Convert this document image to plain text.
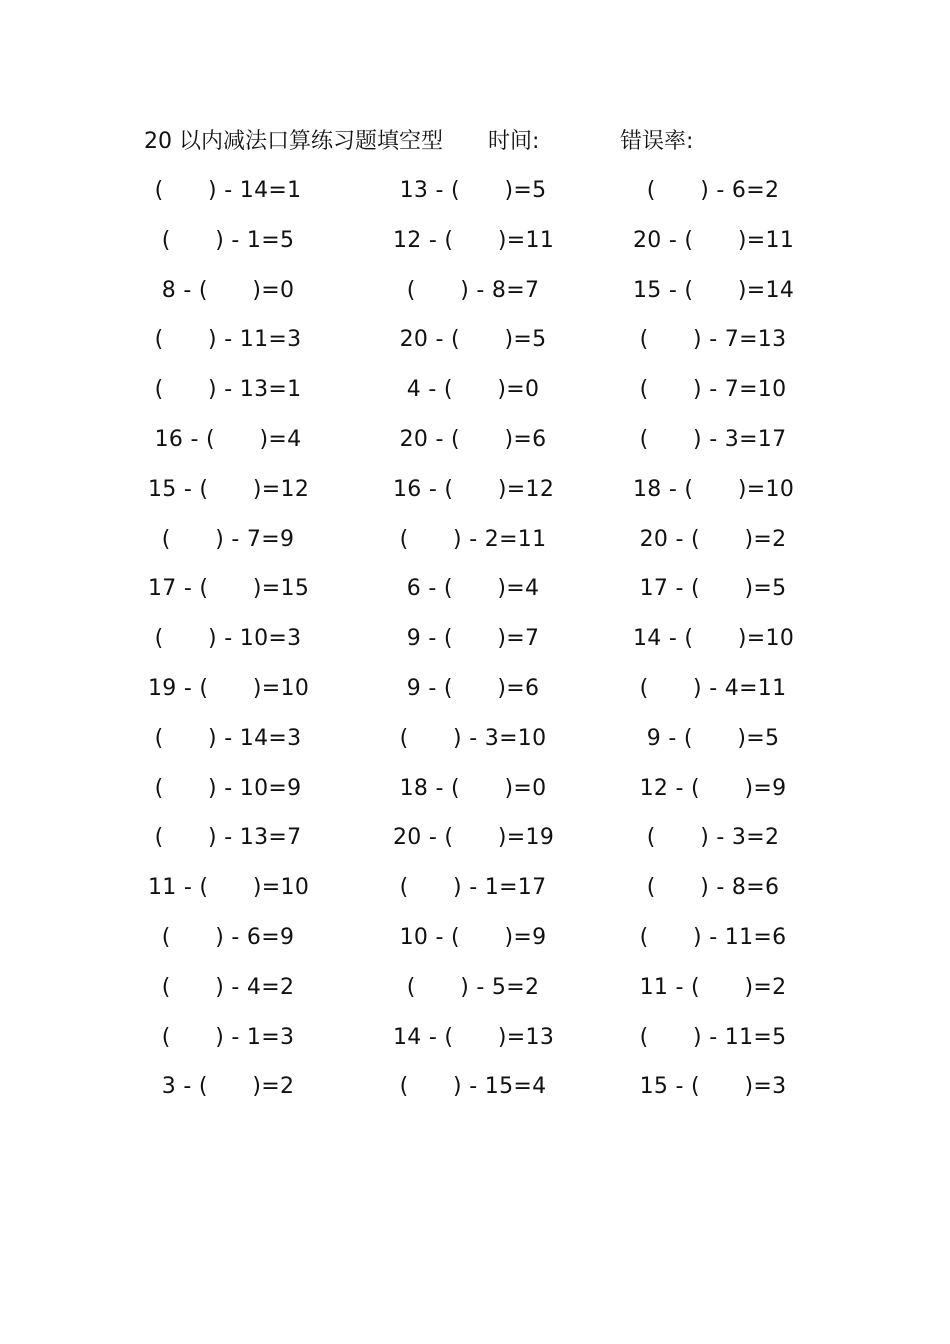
20 以内减法口算练习题填空型 时间:	错误率:
(  ) - 14=1	13 - (  )=5	(  ) - 6=2
(  ) - 1=5	12 - (  )=11	20 - (  )=11
8 - (  )=0	(  ) - 8=7	15 - (  )=14
(  ) - 11=3	20 - (  )=5	(  ) - 7=13
(  ) - 13=1	4 - (  )=0	(  ) - 7=10
16 - (  )=4	20 - (  )=6	(  ) - 3=17
15 - (  )=12	16 - (  )=12	18 - (  )=10
(  ) - 7=9	(  ) - 2=11	20 - (  )=2
17 - (  )=15	6 - (  )=4	17 - (  )=5
(  ) - 10=3	9 - (  )=7	14 - (  )=10
19 - (  )=10	9 - (  )=6	(  ) - 4=11
(  ) - 14=3	(  ) - 3=10	9 - (  )=5
(  ) - 10=9	18 - (  )=0	12 - (  )=9
(  ) - 13=7	20 - (  )=19	(  ) - 3=2
11 - (  )=10	(  ) - 1=17	(  ) - 8=6
(  ) - 6=9	10 - (  )=9	(  ) - 11=6
(  ) - 4=2	(  ) - 5=2	11 - (  )=2
(  ) - 1=3	14 - (  )=13	(  ) - 11=5
3 - (  )=2	(  ) - 15=4	15 - (  )=3
